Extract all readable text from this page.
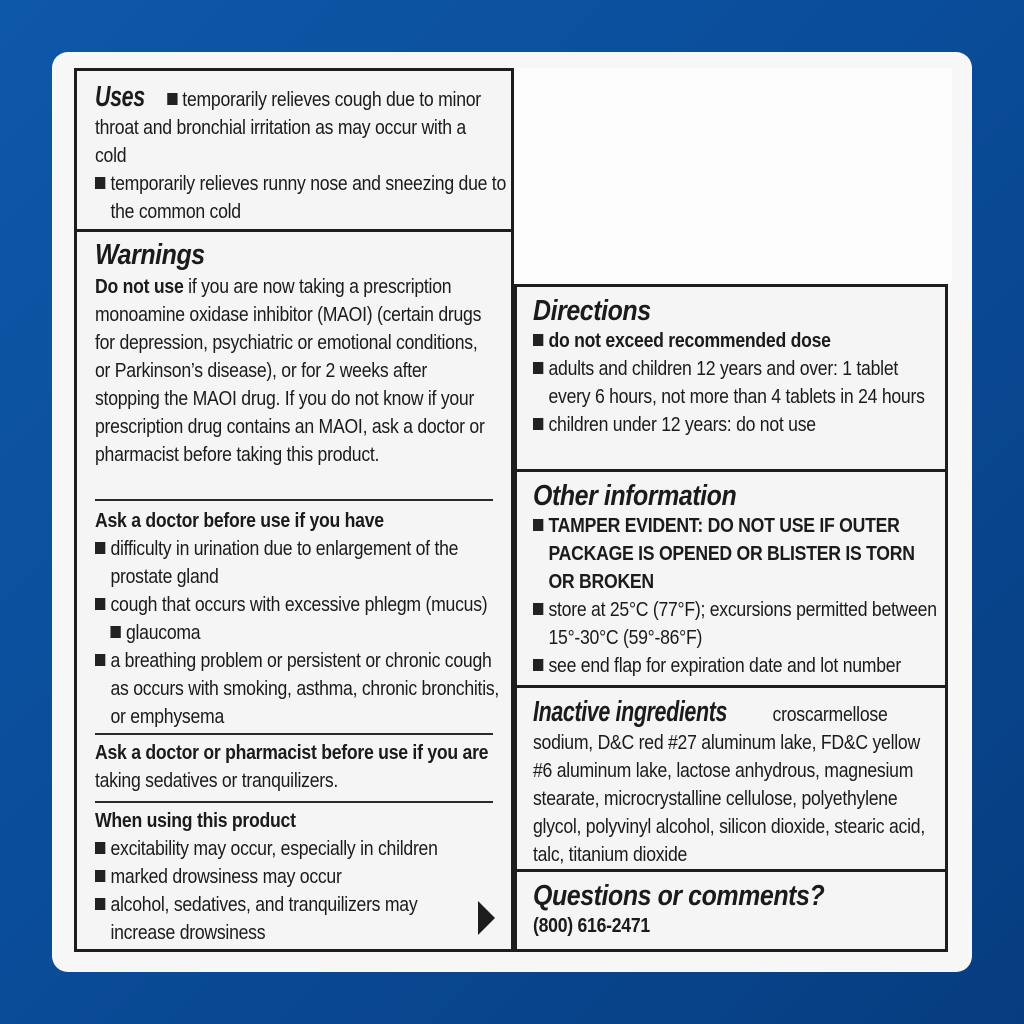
Uses temporarily relieves cough due to minor throat and bronchial irritation as may occur with a cold
temporarily relieves runny nose and sneezing due to the common cold
Warnings
Do not use if you are now taking a prescription monoamine oxidase inhibitor (MAOI) (certain drugs for depression, psychiatric or emotional conditions, or Parkinson’s disease), or for 2 weeks after stopping the MAOI drug. If you do not know if your prescription drug contains an MAOI, ask a doctor or pharmacist before taking this product.
Ask a doctor before use if you have
difficulty in urination due to enlargement of the prostate gland
cough that occurs with excessive phlegm (mucus)    glaucoma
a breathing problem or persistent or chronic cough as occurs with smoking, asthma, chronic bronchitis, or emphysema
Ask a doctor or pharmacist before use if you are taking sedatives or tranquilizers.
When using this product
excitability may occur, especially in children
marked drowsiness may occur
alcohol, sedatives, and tranquilizers may increase drowsiness
Directions
do not exceed recommended dose
adults and children 12 years and over: 1 tablet every 6 hours, not more than 4 tablets in 24 hours
children under 12 years: do not use
Other information
TAMPER EVIDENT: DO NOT USE IF OUTER PACKAGE IS OPENED OR BLISTER IS TORN OR BROKEN
store at 25°C (77°F); excursions permitted between 15°-30°C (59°-86°F)
see end flap for expiration date and lot number
Inactive ingredients croscarmellose sodium, D&C red #27 aluminum lake, FD&C yellow #6 aluminum lake, lactose anhydrous, magnesium stearate, microcrystalline cellulose, polyethylene glycol, polyvinyl alcohol, silicon dioxide, stearic acid, talc, titanium dioxide
Questions or comments?
(800) 616-2471
